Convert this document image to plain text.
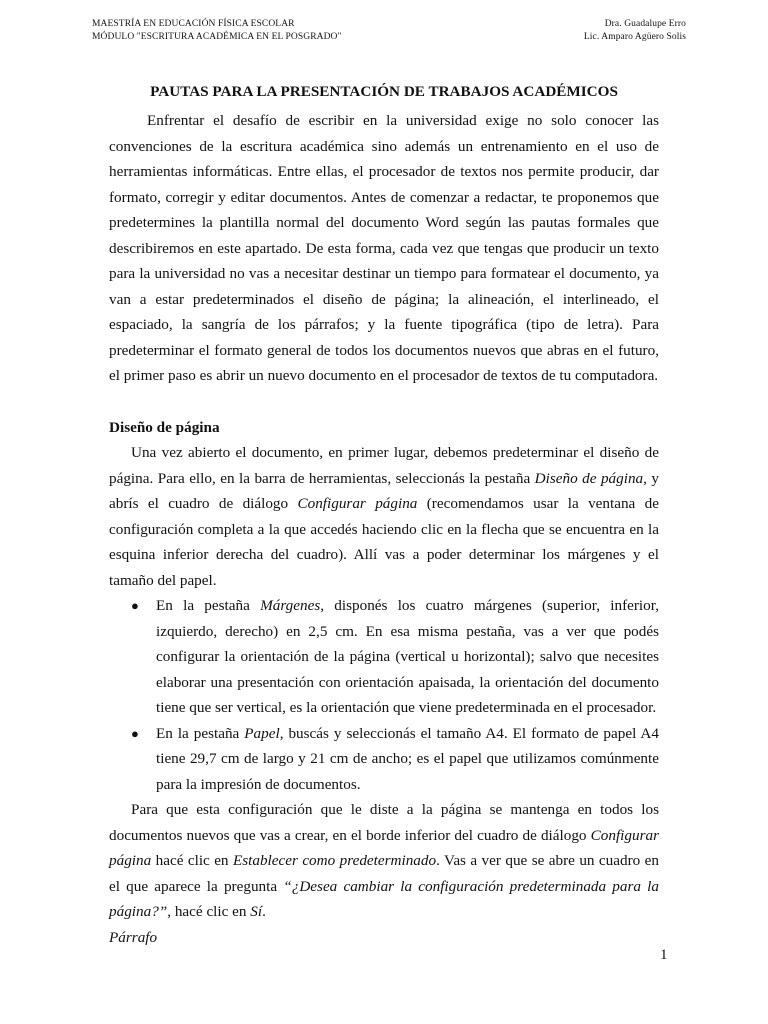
MAESTRÍA EN EDUCACIÓN FÍSICA ESCOLAR
MÓDULO "ESCRITURA ACADÉMICA EN EL POSGRADO"
Dra. Guadalupe Erro
Lic. Amparo Agüero Solis
PAUTAS PARA LA PRESENTACIÓN DE TRABAJOS ACADÉMICOS

Enfrentar el desafío de escribir en la universidad exige no solo conocer las convenciones de la escritura académica sino además un entrenamiento en el uso de herramientas informáticas. Entre ellas, el procesador de textos nos permite producir, dar formato, corregir y editar documentos. Antes de comenzar a redactar, te proponemos que predetermines la plantilla normal del documento Word según las pautas formales que describiremos en este apartado. De esta forma, cada vez que tengas que producir un texto para la universidad no vas a necesitar destinar un tiempo para formatear el documento, ya van a estar predeterminados el diseño de página; la alineación, el interlineado, el espaciado, la sangría de los párrafos; y la fuente tipográfica (tipo de letra). Para predeterminar el formato general de todos los documentos nuevos que abras en el futuro, el primer paso es abrir un nuevo documento en el procesador de textos de tu computadora.

Diseño de página

Una vez abierto el documento, en primer lugar, debemos predeterminar el diseño de página. Para ello, en la barra de herramientas, seleccionás la pestaña Diseño de página, y abrís el cuadro de diálogo Configurar página (recomendamos usar la ventana de configuración completa a la que accedés haciendo clic en la flecha que se encuentra en la esquina inferior derecha del cuadro). Allí vas a poder determinar los márgenes y el tamaño del papel.

● En la pestaña Márgenes, disponés los cuatro márgenes (superior, inferior, izquierdo, derecho) en 2,5 cm. En esa misma pestaña, vas a ver que podés configurar la orientación de la página (vertical u horizontal); salvo que necesites elaborar una presentación con orientación apaisada, la orientación del documento tiene que ser vertical, es la orientación que viene predeterminada en el procesador.
● En la pestaña Papel, buscás y seleccionás el tamaño A4. El formato de papel A4 tiene 29,7 cm de largo y 21 cm de ancho; es el papel que utilizamos comúnmente para la impresión de documentos.

Para que esta configuración que le diste a la página se mantenga en todos los documentos nuevos que vas a crear, en el borde inferior del cuadro de diálogo Configurar página hacé clic en Establecer como predeterminado. Vas a ver que se abre un cuadro en el que aparece la pregunta “¿Desea cambiar la configuración predeterminada para la página?”, hacé clic en Sí.

Párrafo

1
